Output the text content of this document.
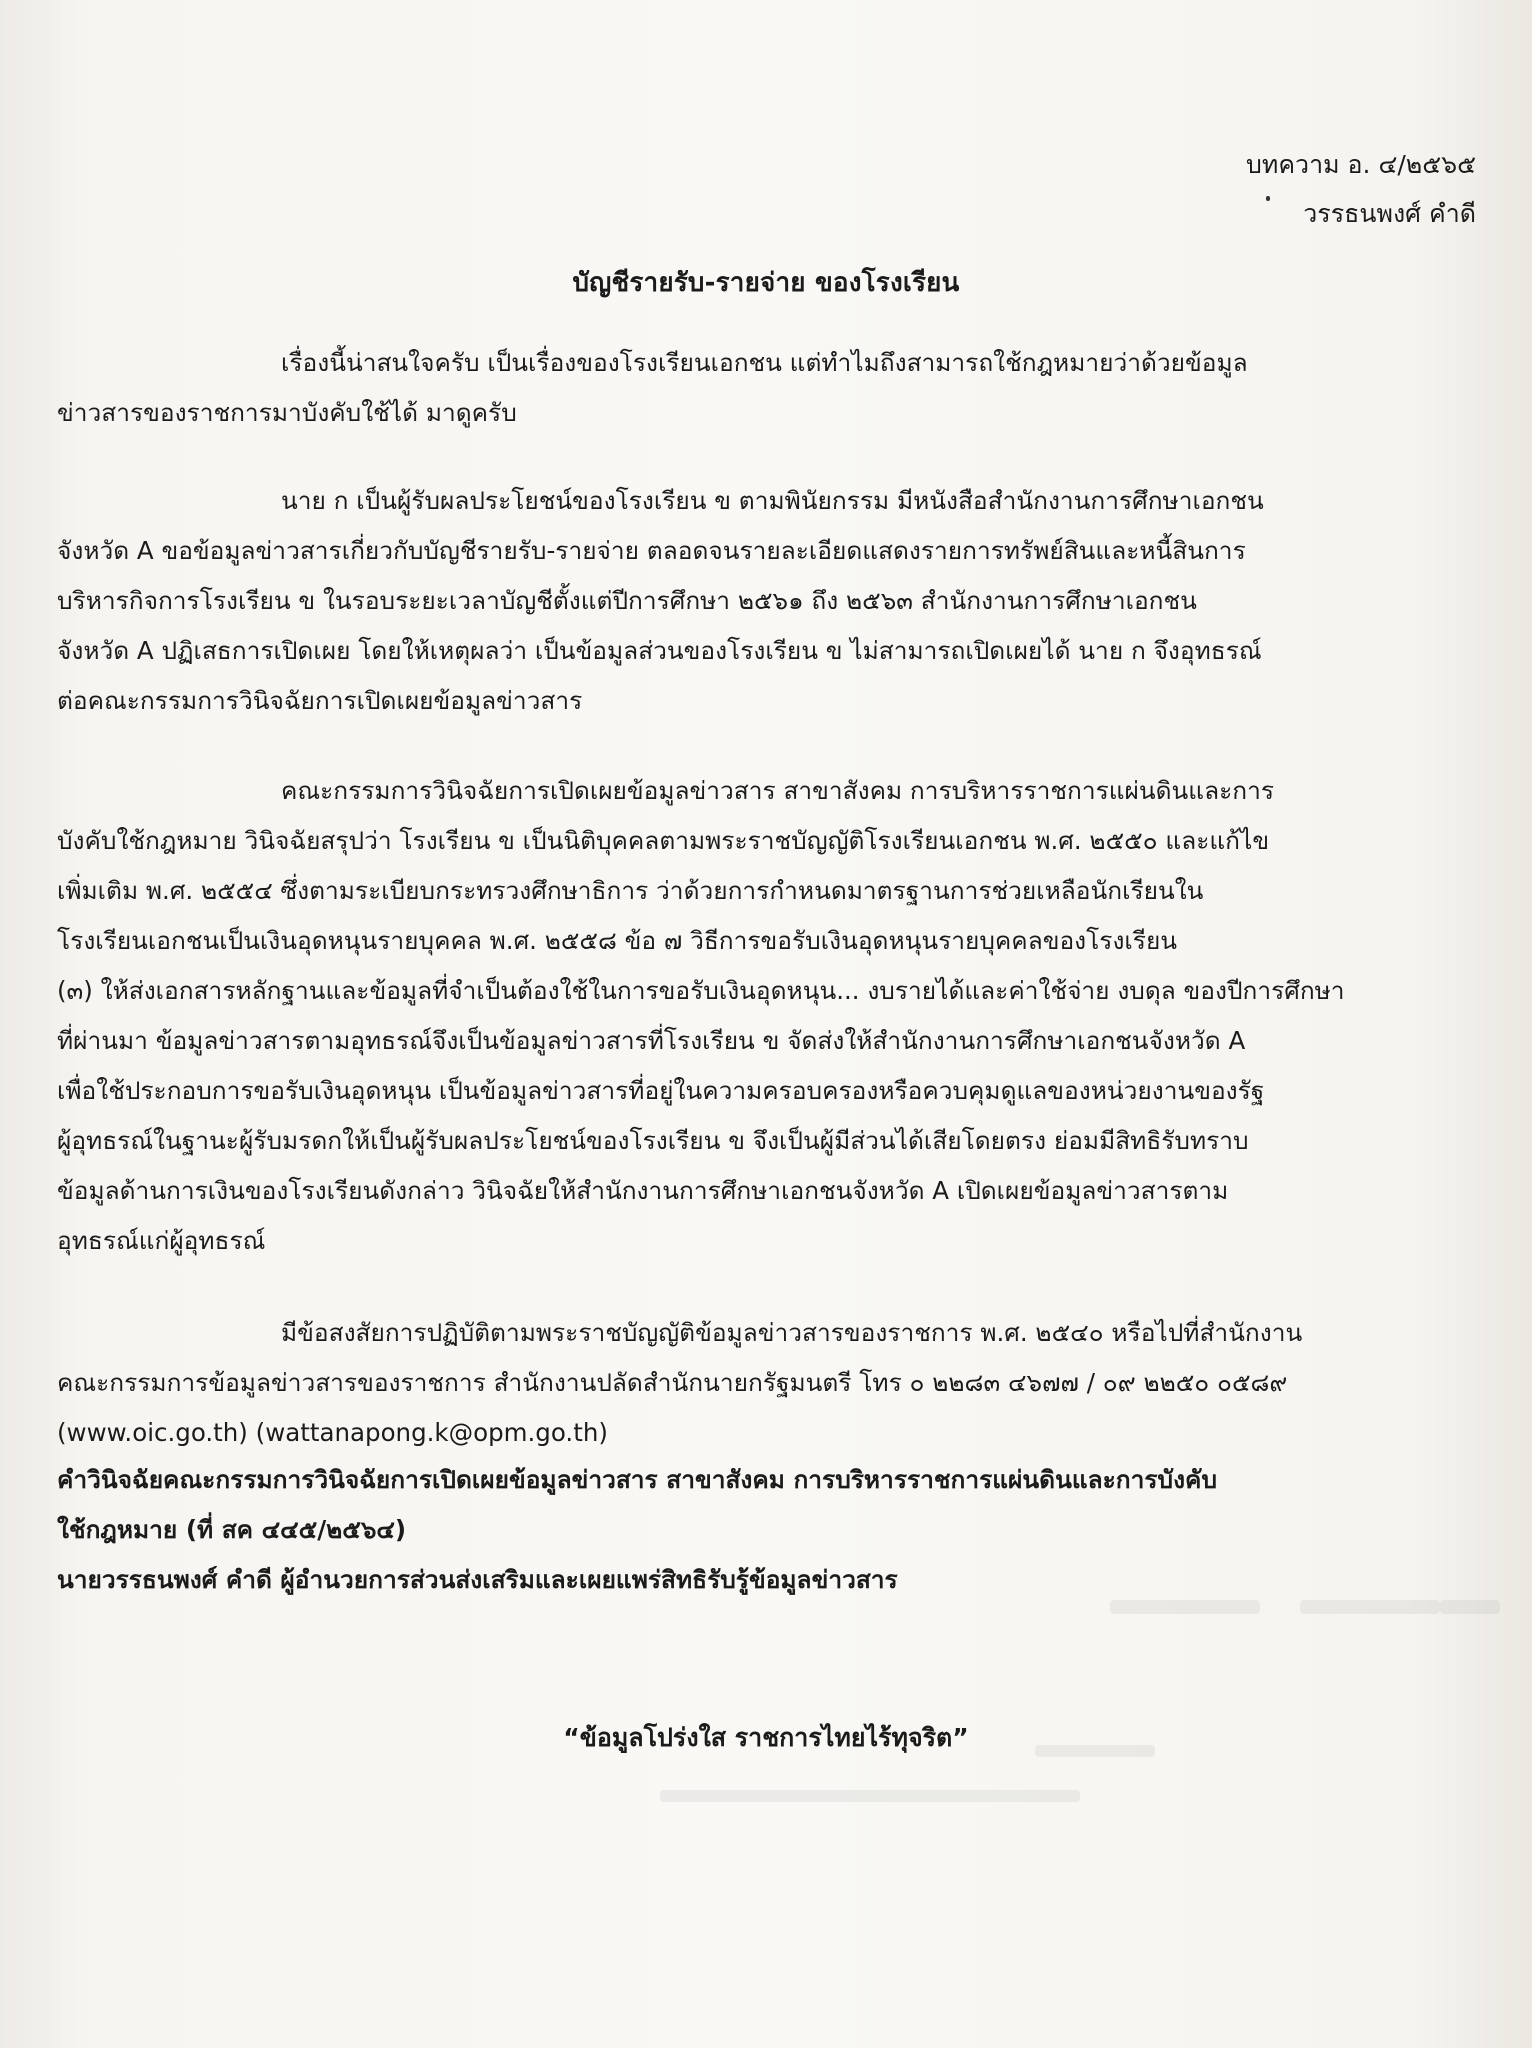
บทความ อ. ๔/๒๕๖๕
วรรธนพงศ์ คำดี
บัญชีรายรับ-รายจ่าย ของโรงเรียน
เรื่องนี้น่าสนใจครับ เป็นเรื่องของโรงเรียนเอกชน แต่ทำไมถึงสามารถใช้กฎหมายว่าด้วยข้อมูล
ข่าวสารของราชการมาบังคับใช้ได้ มาดูครับ
นาย ก เป็นผู้รับผลประโยชน์ของโรงเรียน ข ตามพินัยกรรม มีหนังสือสำนักงานการศึกษาเอกชน
จังหวัด A ขอข้อมูลข่าวสารเกี่ยวกับบัญชีรายรับ-รายจ่าย ตลอดจนรายละเอียดแสดงรายการทรัพย์สินและหนี้สินการ
บริหารกิจการโรงเรียน ข ในรอบระยะเวลาบัญชีตั้งแต่ปีการศึกษา ๒๕๖๑ ถึง ๒๕๖๓ สำนักงานการศึกษาเอกชน
จังหวัด A ปฏิเสธการเปิดเผย โดยให้เหตุผลว่า เป็นข้อมูลส่วนของโรงเรียน ข ไม่สามารถเปิดเผยได้ นาย ก จึงอุทธรณ์
ต่อคณะกรรมการวินิจฉัยการเปิดเผยข้อมูลข่าวสาร
คณะกรรมการวินิจฉัยการเปิดเผยข้อมูลข่าวสาร สาขาสังคม การบริหารราชการแผ่นดินและการ
บังคับใช้กฎหมาย วินิจฉัยสรุปว่า โรงเรียน ข เป็นนิติบุคคลตามพระราชบัญญัติโรงเรียนเอกชน พ.ศ. ๒๕๕๐ และแก้ไข
เพิ่มเติม พ.ศ. ๒๕๕๔ ซึ่งตามระเบียบกระทรวงศึกษาธิการ ว่าด้วยการกำหนดมาตรฐานการช่วยเหลือนักเรียนใน
โรงเรียนเอกชนเป็นเงินอุดหนุนรายบุคคล พ.ศ. ๒๕๕๘ ข้อ ๗ วิธีการขอรับเงินอุดหนุนรายบุคคลของโรงเรียน
(๓) ให้ส่งเอกสารหลักฐานและข้อมูลที่จำเป็นต้องใช้ในการขอรับเงินอุดหนุน... งบรายได้และค่าใช้จ่าย งบดุล ของปีการศึกษา
ที่ผ่านมา ข้อมูลข่าวสารตามอุทธรณ์จึงเป็นข้อมูลข่าวสารที่โรงเรียน ข จัดส่งให้สำนักงานการศึกษาเอกชนจังหวัด A
เพื่อใช้ประกอบการขอรับเงินอุดหนุน เป็นข้อมูลข่าวสารที่อยู่ในความครอบครองหรือควบคุมดูแลของหน่วยงานของรัฐ
ผู้อุทธรณ์ในฐานะผู้รับมรดกให้เป็นผู้รับผลประโยชน์ของโรงเรียน ข จึงเป็นผู้มีส่วนได้เสียโดยตรง ย่อมมีสิทธิรับทราบ
ข้อมูลด้านการเงินของโรงเรียนดังกล่าว วินิจฉัยให้สำนักงานการศึกษาเอกชนจังหวัด A เปิดเผยข้อมูลข่าวสารตาม
อุทธรณ์แก่ผู้อุทธรณ์
มีข้อสงสัยการปฏิบัติตามพระราชบัญญัติข้อมูลข่าวสารของราชการ พ.ศ. ๒๕๔๐ หรือไปที่สำนักงาน
คณะกรรมการข้อมูลข่าวสารของราชการ สำนักงานปลัดสำนักนายกรัฐมนตรี โทร ๐ ๒๒๘๓ ๔๖๗๗ / ๐๙ ๒๒๕๐ ๐๕๘๙
(www.oic.go.th) (wattanapong.k@opm.go.th)
คำวินิจฉัยคณะกรรมการวินิจฉัยการเปิดเผยข้อมูลข่าวสาร สาขาสังคม การบริหารราชการแผ่นดินและการบังคับ
ใช้กฎหมาย (ที่ สค ๔๔๕/๒๕๖๔)
นายวรรธนพงศ์ คำดี ผู้อำนวยการส่วนส่งเสริมและเผยแพร่สิทธิรับรู้ข้อมูลข่าวสาร
“ข้อมูลโปร่งใส ราชการไทยไร้ทุจริต”
